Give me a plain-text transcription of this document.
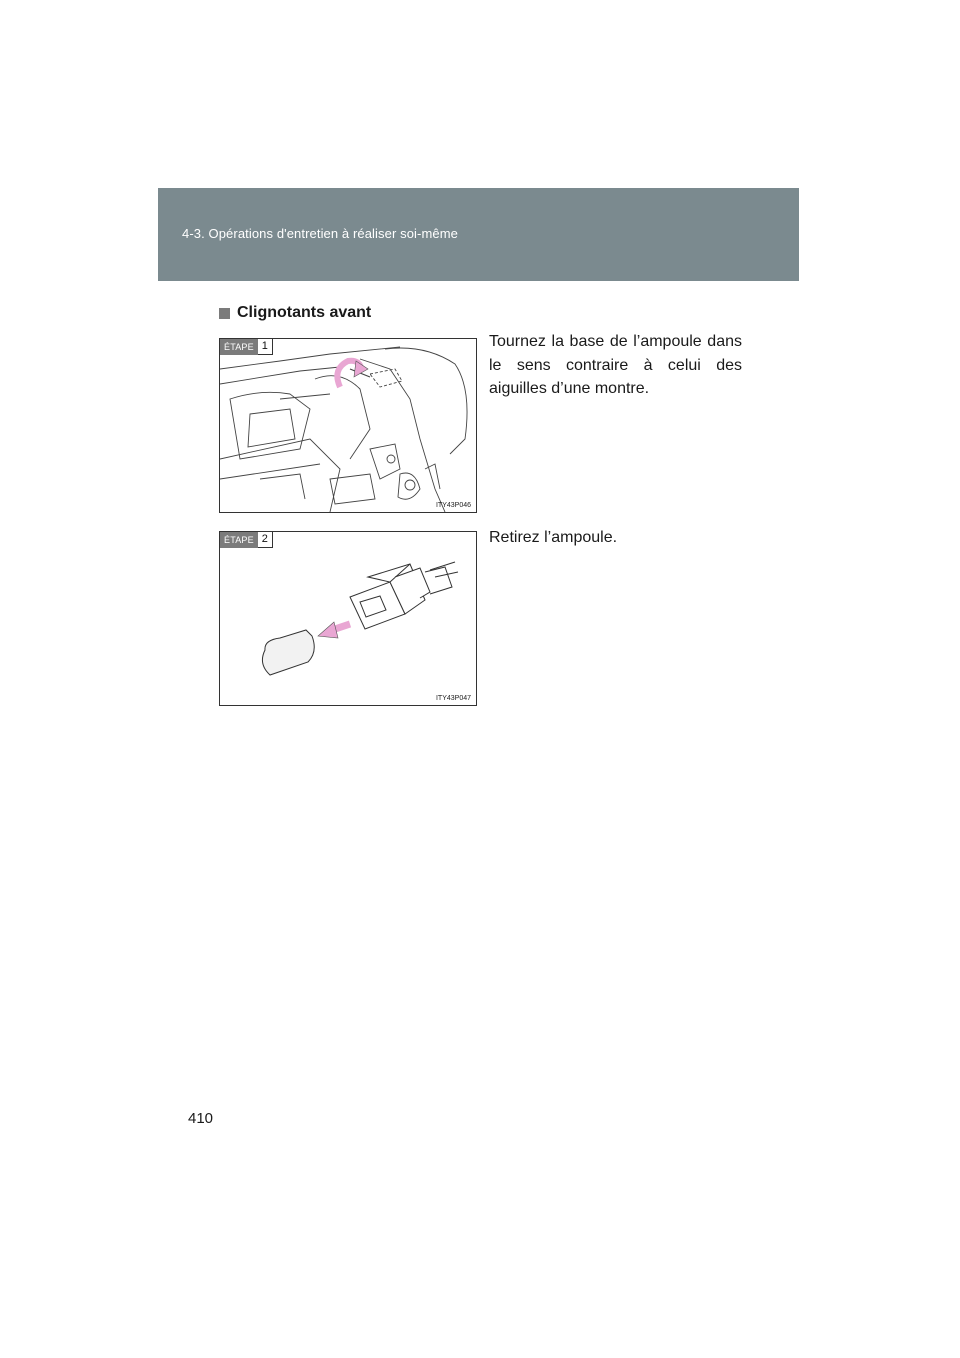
4-3. Opérations d'entretien à réaliser soi-même
Clignotants avant
ÉTAPE 1
ITY43P046
Tournez la base de l’ampoule dans le sens contraire à celui des aiguilles d’une montre.
ÉTAPE 2
ITY43P047
Retirez l’ampoule.
410
